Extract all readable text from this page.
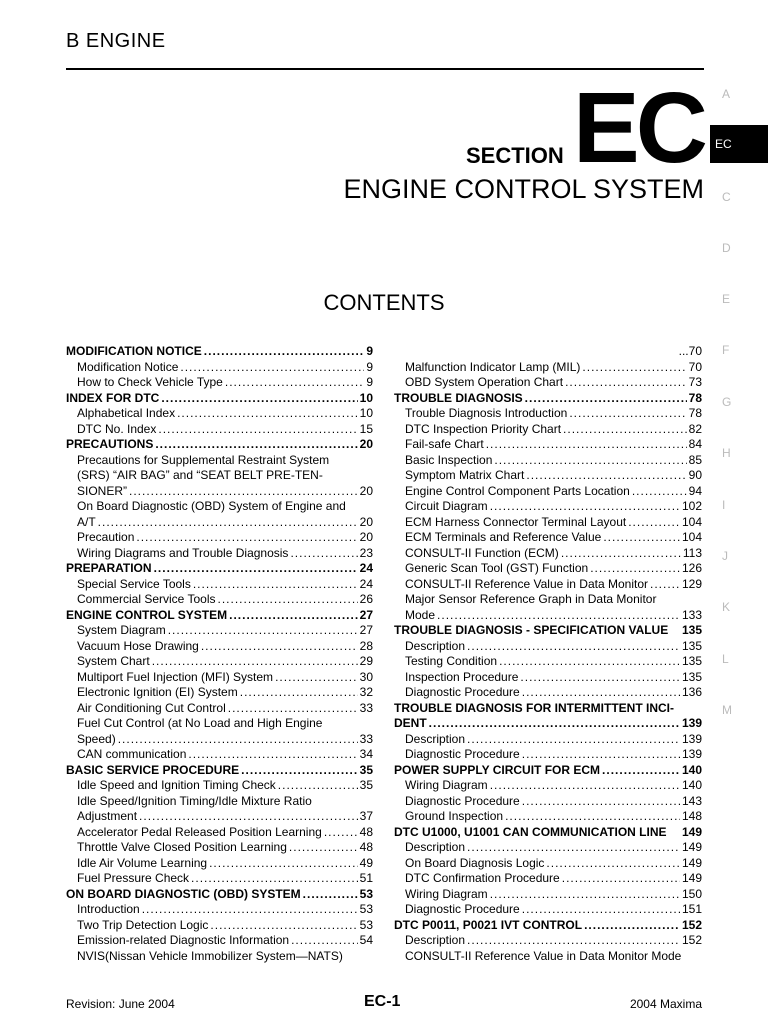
B ENGINE
SECTION EC
ENGINE CONTROL SYSTEM
EC
A
C
D
E
F
G
H
I
J
K
L
M
CONTENTS
MODIFICATION NOTICE .....	9
Modification Notice .....	9
How to Check Vehicle Type .....	9
INDEX FOR DTC .....	10
Alphabetical Index .....	10
DTC No. Index .....	15
PRECAUTIONS .....	20
Precautions for Supplemental Restraint System
(SRS) “AIR BAG” and “SEAT BELT PRE-TEN-
SIONER” .....	20
On Board Diagnostic (OBD) System of Engine and
A/T .....	20
Precaution .....	20
Wiring Diagrams and Trouble Diagnosis .....	23
PREPARATION .....	24
Special Service Tools .....	24
Commercial Service Tools .....	26
ENGINE CONTROL SYSTEM .....	27
System Diagram .....	27
Vacuum Hose Drawing .....	28
System Chart .....	29
Multiport Fuel Injection (MFI) System .....	30
Electronic Ignition (EI) System .....	32
Air Conditioning Cut Control .....	33
Fuel Cut Control (at No Load and High Engine
Speed) .....	33
CAN communication .....	34
BASIC SERVICE PROCEDURE .....	35
Idle Speed and Ignition Timing Check .....	35
Idle Speed/Ignition Timing/Idle Mixture Ratio
Adjustment .....	37
Accelerator Pedal Released Position Learning .....	48
Throttle Valve Closed Position Learning .....	48
Idle Air Volume Learning .....	49
Fuel Pressure Check .....	51
ON BOARD DIAGNOSTIC (OBD) SYSTEM .....	53
Introduction .....	53
Two Trip Detection Logic .....	53
Emission-related Diagnostic Information .....	54
NVIS(Nissan Vehicle Immobilizer System—NATS)
... 70
Malfunction Indicator Lamp (MIL) .....	70
OBD System Operation Chart .....	73
TROUBLE DIAGNOSIS .....	78
Trouble Diagnosis Introduction .....	78
DTC Inspection Priority Chart .....	82
Fail-safe Chart .....	84
Basic Inspection .....	85
Symptom Matrix Chart .....	90
Engine Control Component Parts Location .....	94
Circuit Diagram .....	102
ECM Harness Connector Terminal Layout .....	104
ECM Terminals and Reference Value .....	104
CONSULT-II Function (ECM) .....	113
Generic Scan Tool (GST) Function .....	126
CONSULT-II Reference Value in Data Monitor .....	129
Major Sensor Reference Graph in Data Monitor
Mode .....	133
TROUBLE DIAGNOSIS - SPECIFICATION VALUE 135
Description .....	135
Testing Condition .....	135
Inspection Procedure .....	135
Diagnostic Procedure .....	136
TROUBLE DIAGNOSIS FOR INTERMITTENT INCI-
DENT .....	139
Description .....	139
Diagnostic Procedure .....	139
POWER SUPPLY CIRCUIT FOR ECM .....	140
Wiring Diagram .....	140
Diagnostic Procedure .....	143
Ground Inspection .....	148
DTC U1000, U1001 CAN COMMUNICATION LINE 149
Description .....	149
On Board Diagnosis Logic .....	149
DTC Confirmation Procedure .....	149
Wiring Diagram .....	150
Diagnostic Procedure .....	151
DTC P0011, P0021 IVT CONTROL .....	152
Description .....	152
CONSULT-II Reference Value in Data Monitor Mode
Revision: June 2004	EC-1	2004 Maxima
